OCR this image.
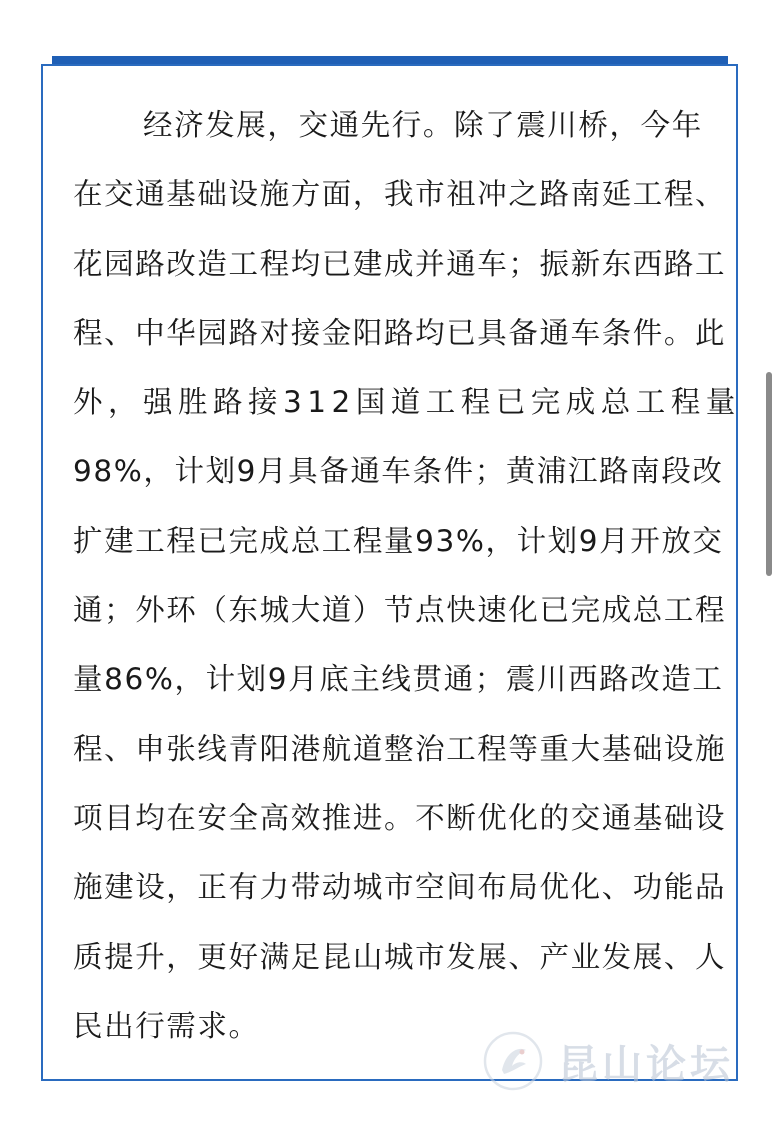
经济发展，交通先行。除了震川桥，今年
在交通基础设施方面，我市祖冲之路南延工程、
花园路改造工程均已建成并通车；振新东西路工
程、中华园路对接金阳路均已具备通车条件。此
外，强胜路接312国道工程已完成总工程量
98%，计划9月具备通车条件；黄浦江路南段改
扩建工程已完成总工程量93%，计划9月开放交
通；外环（东城大道）节点快速化已完成总工程
量86%，计划9月底主线贯通；震川西路改造工
程、申张线青阳港航道整治工程等重大基础设施
项目均在安全高效推进。不断优化的交通基础设
施建设，正有力带动城市空间布局优化、功能品
质提升，更好满足昆山城市发展、产业发展、人
民出行需求。
昆山论坛
